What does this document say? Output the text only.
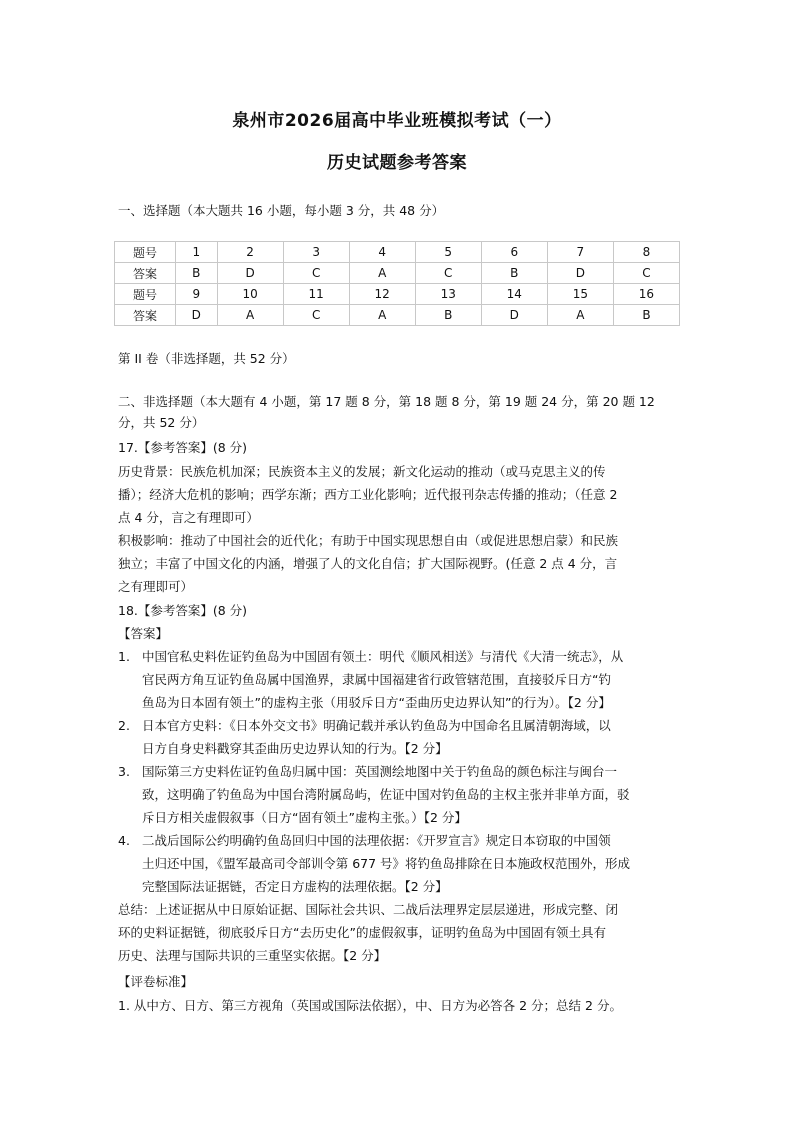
泉州市2026届高中毕业班模拟考试（一）
历史试题参考答案
一、选择题（本大题共 16 小题，每小题 3 分，共 48 分）
题号	1	2	3	4	5	6	7	8
答案	B	D	C	A	C	B	D	C
题号	9	10	11	12	13	14	15	16
答案	D	A	C	A	B	D	A	B
第 II 卷（非选择题，共 52 分）
二、非选择题（本大题有 4 小题，第 17 题 8 分，第 18 题 8 分，第 19 题 24 分，第 20 题 12
分，共 52 分）
17.【参考答案】(8 分)
历史背景：民族危机加深；民族资本主义的发展；新文化运动的推动（或马克思主义的传
播）；经济大危机的影响；西学东渐；西方工业化影响；近代报刊杂志传播的推动；（任意 2
点 4 分，言之有理即可）
积极影响：推动了中国社会的近代化；有助于中国实现思想自由（或促进思想启蒙）和民族
独立；丰富了中国文化的内涵，增强了人的文化自信；扩大国际视野。(任意 2 点 4 分，言
之有理即可）
18.【参考答案】(8 分)
【答案】
1. 中国官私史料佐证钓鱼岛为中国固有领土：明代《顺风相送》与清代《大清一统志》，从
官民两方角互证钓鱼岛属中国渔界，隶属中国福建省行政管辖范围，直接驳斥日方“钓
鱼岛为日本固有领土”的虚构主张（用驳斥日方“歪曲历史边界认知”的行为）。【2 分】
2. 日本官方史料：《日本外交文书》明确记载并承认钓鱼岛为中国命名且属清朝海域，以
日方自身史料戳穿其歪曲历史边界认知的行为。【2 分】
3. 国际第三方史料佐证钓鱼岛归属中国：英国测绘地图中关于钓鱼岛的颜色标注与闽台一
致，这明确了钓鱼岛为中国台湾附属岛屿，佐证中国对钓鱼岛的主权主张并非单方面，驳
斥日方相关虚假叙事（日方“固有领土”虚构主张。）【2 分】
4. 二战后国际公约明确钓鱼岛回归中国的法理依据：《开罗宣言》规定日本窃取的中国领
土归还中国，《盟军最高司令部训令第 677 号》将钓鱼岛排除在日本施政权范围外，形成
完整国际法证据链，否定日方虚构的法理依据。【2 分】
总结：上述证据从中日原始证据、国际社会共识、二战后法理界定层层递进，形成完整、闭
环的史料证据链，彻底驳斥日方“去历史化”的虚假叙事，证明钓鱼岛为中国固有领土具有
历史、法理与国际共识的三重坚实依据。【2 分】
【评卷标准】
1. 从中方、日方、第三方视角（英国或国际法依据），中、日方为必答各 2 分；总结 2 分。
